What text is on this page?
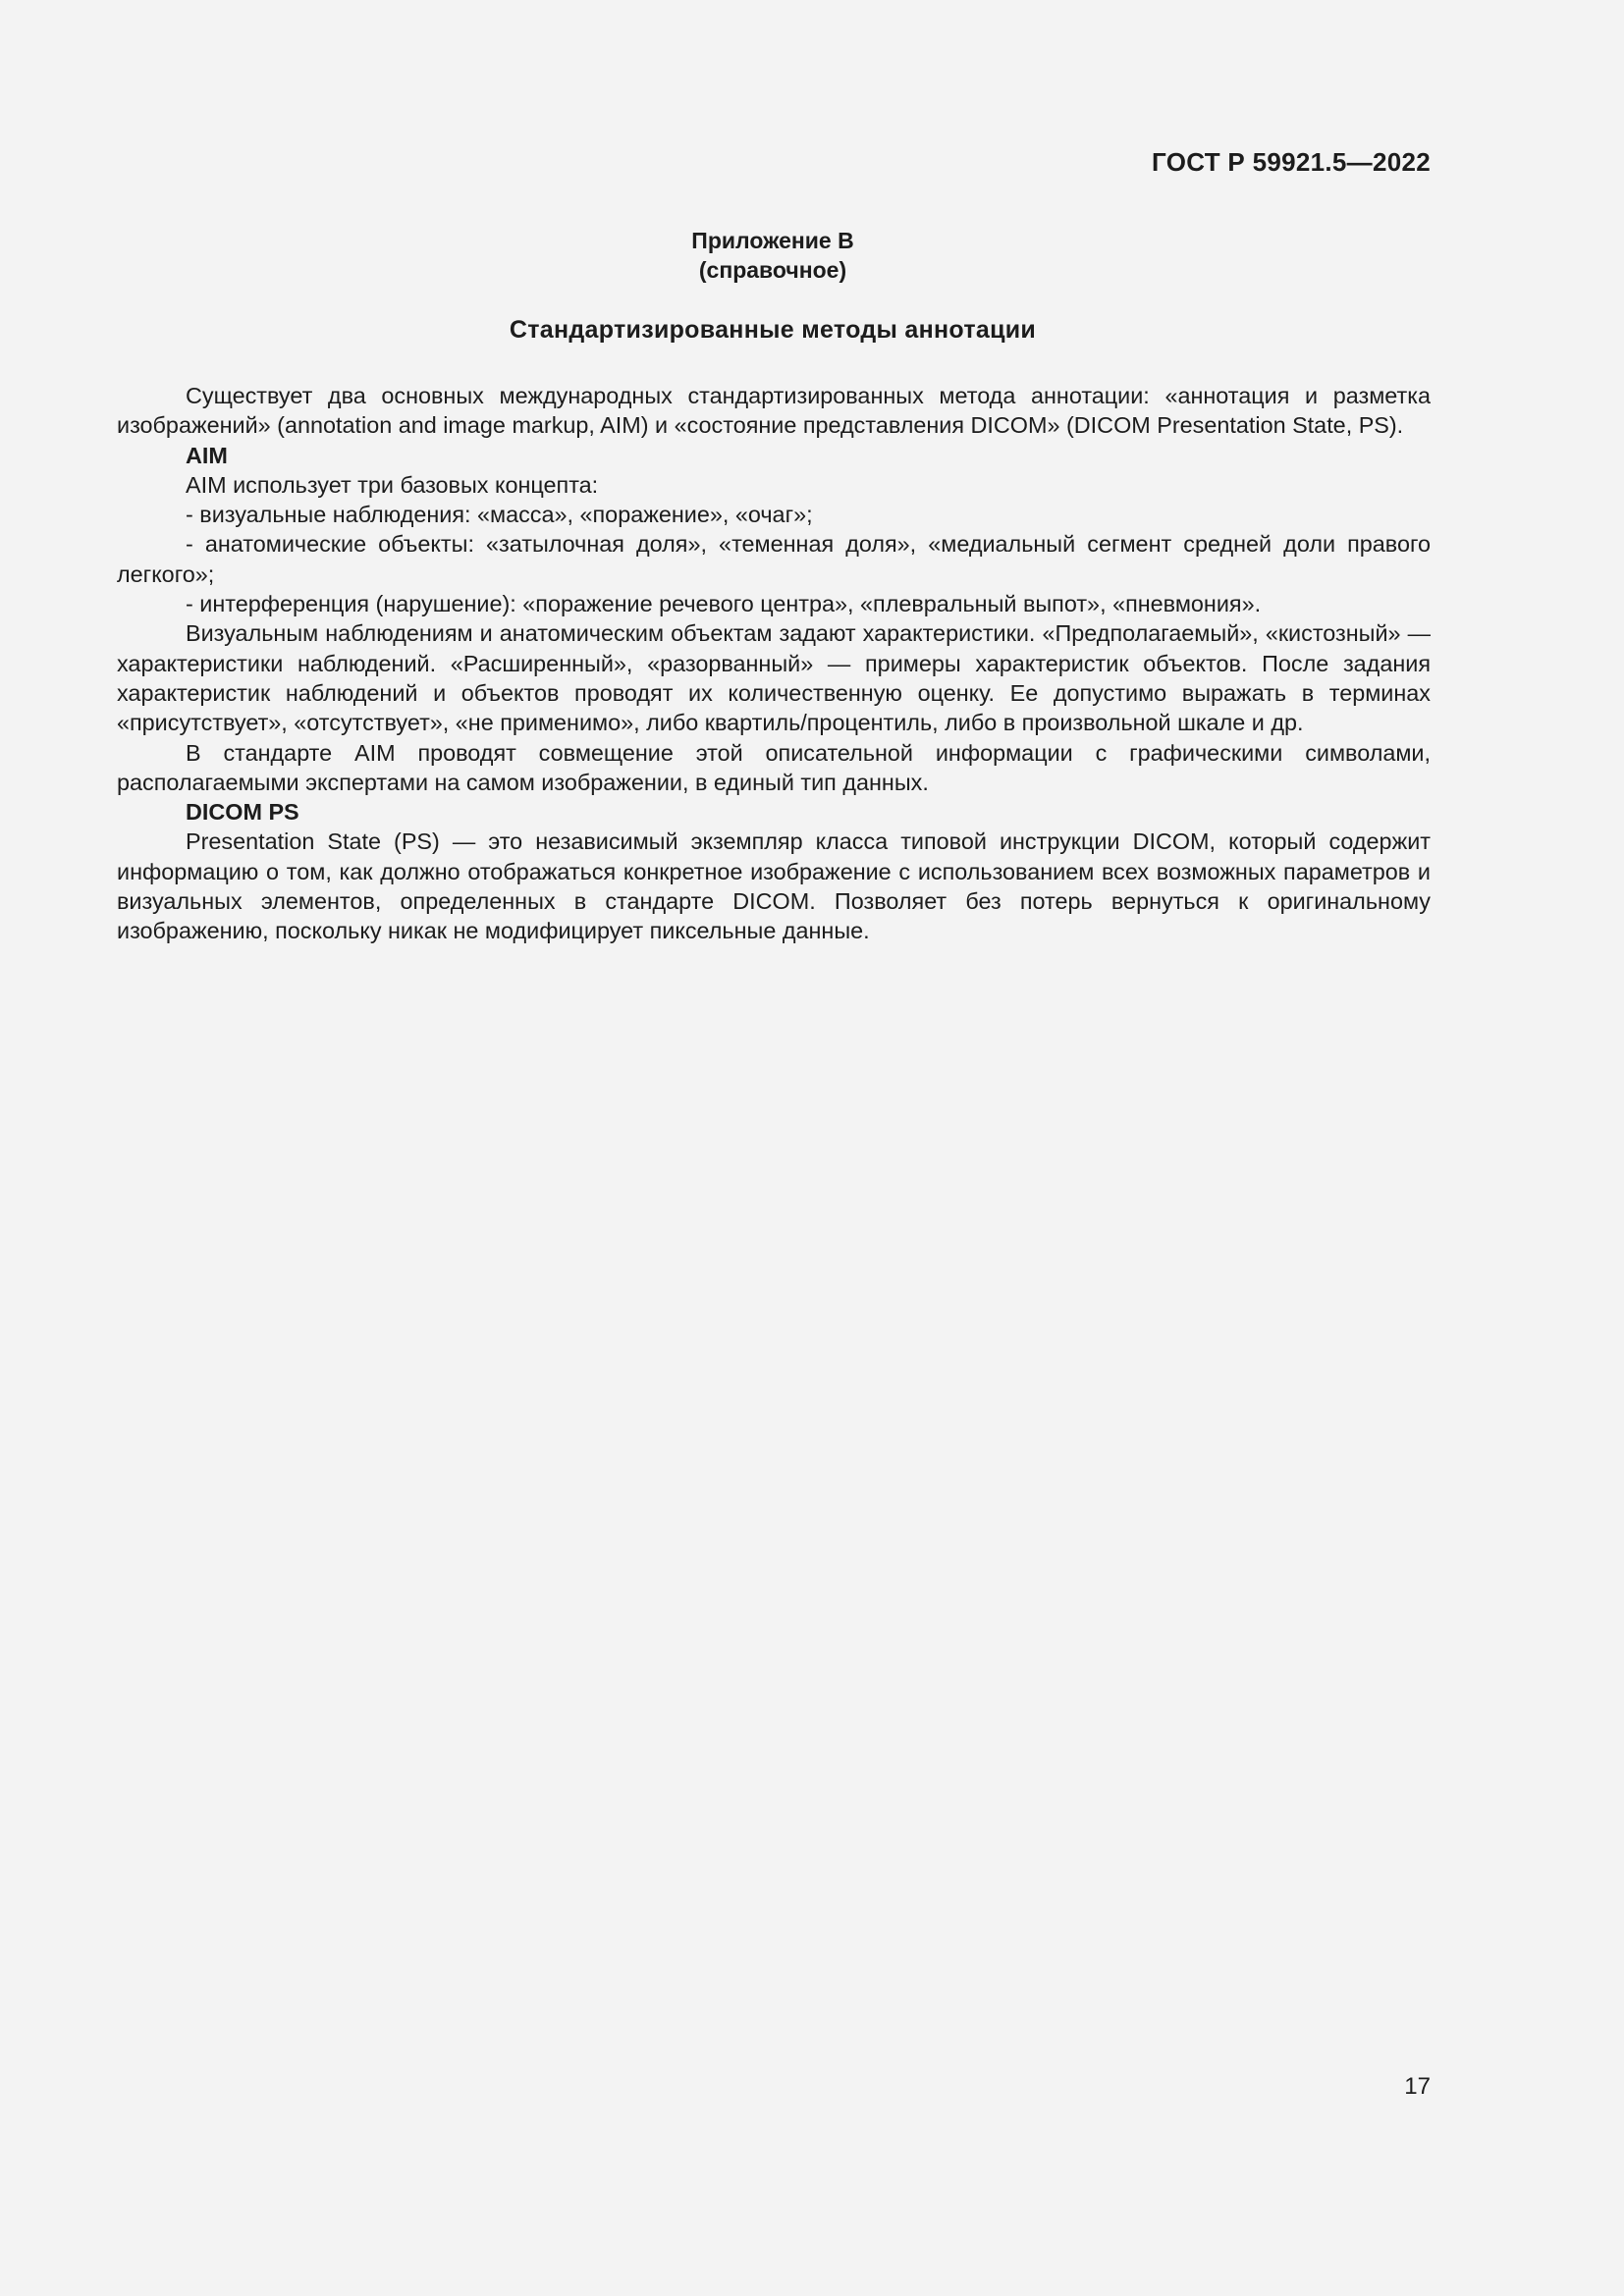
ГОСТ Р 59921.5—2022
Приложение В
(справочное)
Стандартизированные методы аннотации

Существует два основных международных стандартизированных метода аннотации: «аннотация и разметка изображений» (annotation and image markup, AIM) и «состояние представления DICOM» (DICOM Presentation State, PS).

AIM

AIM использует три базовых концепта:

- визуальные наблюдения: «масса», «поражение», «очаг»;

- анатомические объекты: «затылочная доля», «теменная доля», «медиальный сегмент средней доли правого легкого»;

- интерференция (нарушение): «поражение речевого центра», «плевральный выпот», «пневмония».

Визуальным наблюдениям и анатомическим объектам задают характеристики. «Предполагаемый», «кистозный» — характеристики наблюдений. «Расширенный», «разорванный» — примеры характеристик объектов. После задания характеристик наблюдений и объектов проводят их количественную оценку. Ее допустимо выражать в терминах «присутствует», «отсутствует», «не применимо», либо квартиль/процентиль, либо в произвольной шкале и др.

В стандарте AIM проводят совмещение этой описательной информации с графическими символами, располагаемыми экспертами на самом изображении, в единый тип данных.

DICOM PS

Presentation State (PS) — это независимый экземпляр класса типовой инструкции DICOM, который содержит информацию о том, как должно отображаться конкретное изображение с использованием всех возможных параметров и визуальных элементов, определенных в стандарте DICOM. Позволяет без потерь вернуться к оригинальному изображению, поскольку никак не модифицирует пиксельные данные.

17
